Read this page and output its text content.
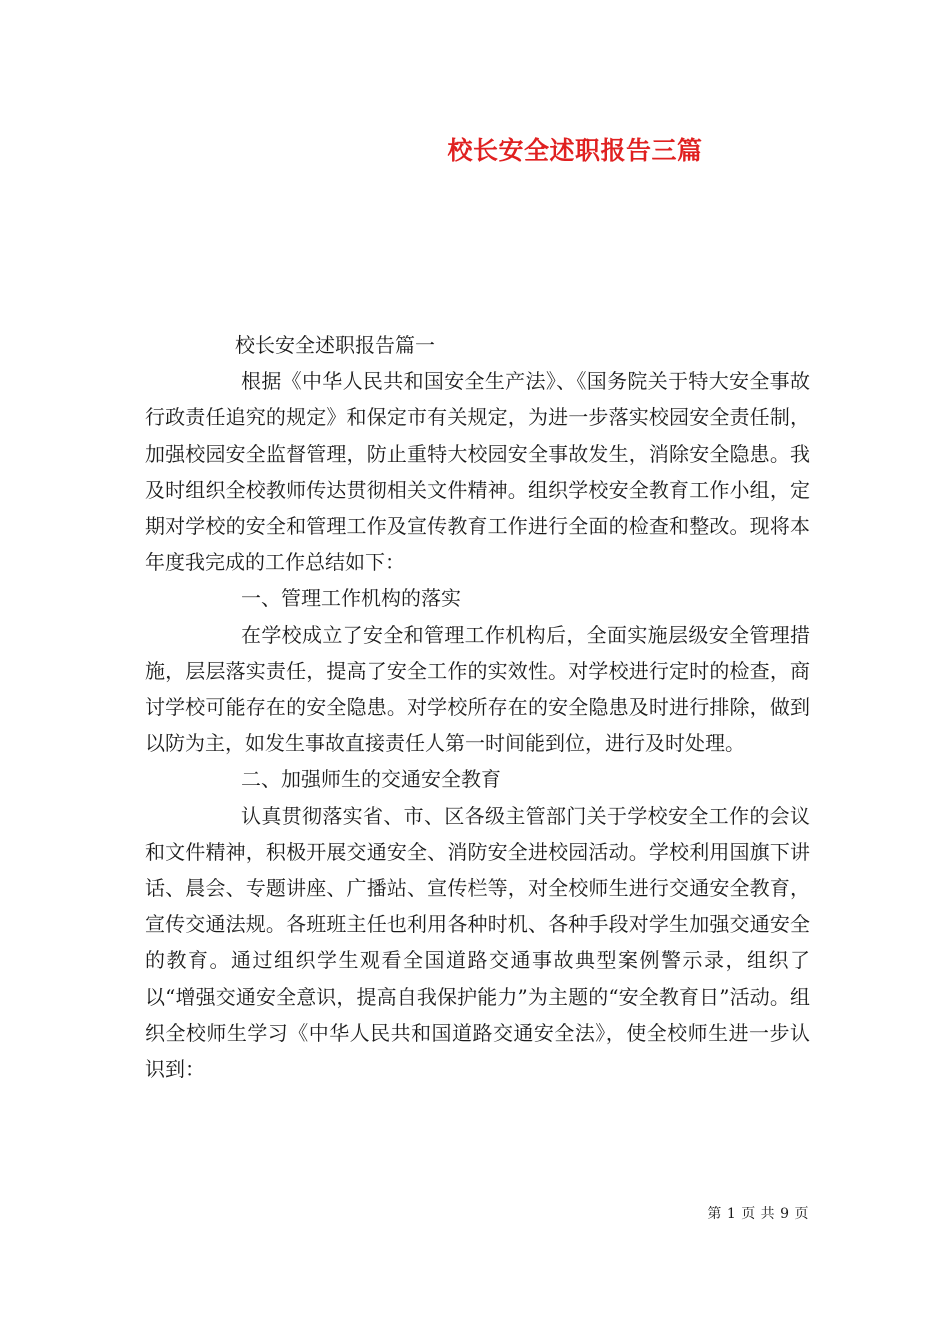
校长安全述职报告三篇

校长安全述职报告篇一

根据《中华人民共和国安全生产法》、《国务院关于特大安全事故行政责任追究的规定》和保定市有关规定，为进一步落实校园安全责任制，加强校园安全监督管理，防止重特大校园安全事故发生，消除安全隐患。我及时组织全校教师传达贯彻相关文件精神。组织学校安全教育工作小组，定期对学校的安全和管理工作及宣传教育工作进行全面的检查和整改。现将本年度我完成的工作总结如下：

一、管理工作机构的落实

在学校成立了安全和管理工作机构后，全面实施层级安全管理措施，层层落实责任，提高了安全工作的实效性。对学校进行定时的检查，商讨学校可能存在的安全隐患。对学校所存在的安全隐患及时进行排除，做到以防为主，如发生事故直接责任人第一时间能到位，进行及时处理。

二、加强师生的交通安全教育

认真贯彻落实省、市、区各级主管部门关于学校安全工作的会议和文件精神，积极开展交通安全、消防安全进校园活动。学校利用国旗下讲话、晨会、专题讲座、广播站、宣传栏等，对全校师生进行交通安全教育，宣传交通法规。各班班主任也利用各种时机、各种手段对学生加强交通安全的教育。通过组织学生观看全国道路交通事故典型案例警示录，组织了以“增强交通安全意识，提高自我保护能力”为主题的“安全教育日”活动。组织全校师生学习《中华人民共和国道路交通安全法》，使全校师生进一步认识到：

第 1 页 共 9 页
